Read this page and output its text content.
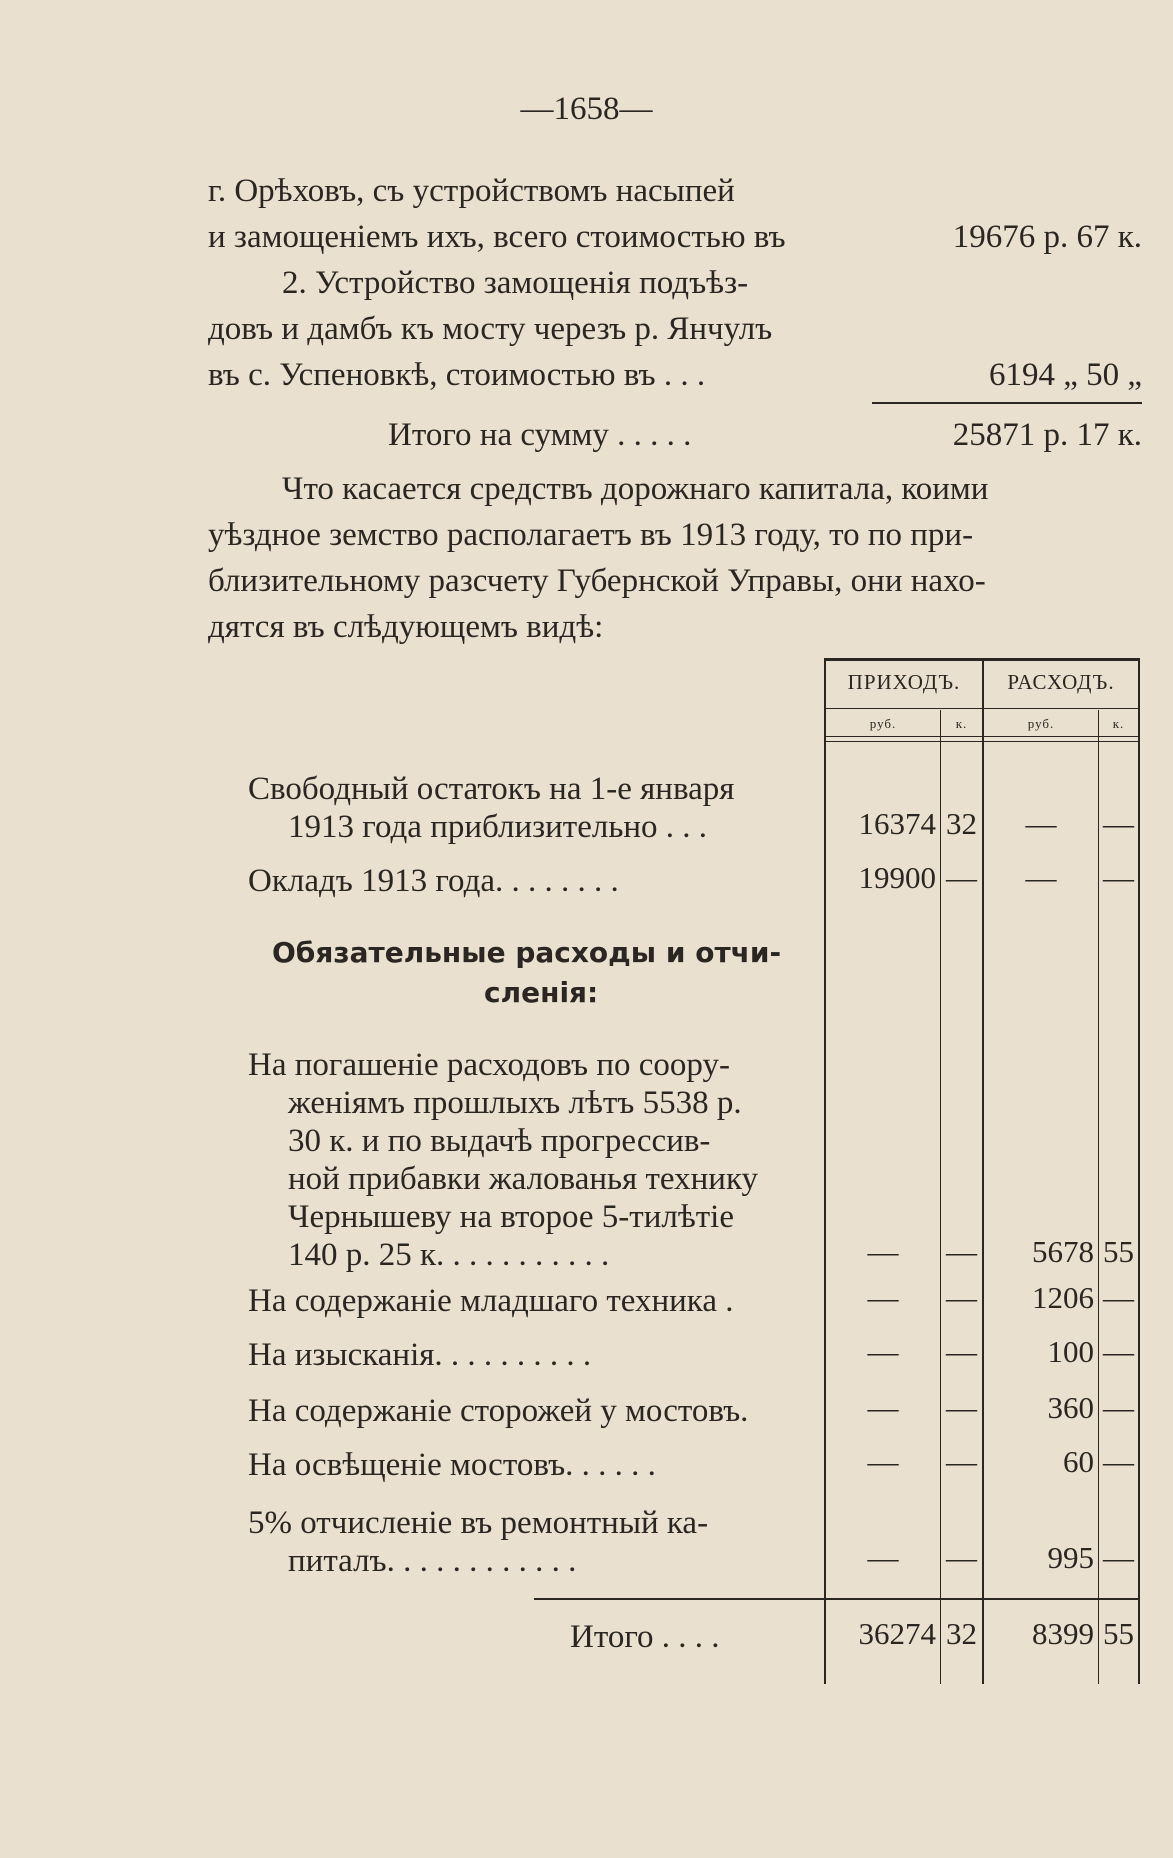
—1658—
г. Орѣховъ, съ устройствомъ насыпей
и замощеніемъ ихъ, всего стоимостью въ	19676 р. 67 к.
2. Устройство замощенія подъѣз-
довъ и дамбъ къ мосту черезъ р. Янчулъ
въ с. Успеновкѣ, стоимостью въ . . .	6194 „ 50 „
Итого на сумму . . . . .	25871 р. 17 к.
Что касается средствъ дорожнаго капитала, коими
уѣздное земство располагаетъ въ 1913 году, то по при-
близительному разсчету Губернской Управы, они нахо-
дятся въ слѣдующемъ видѣ:
ПРИХОДЪ.	РАСХОДЪ.
руб.	к.	руб.	к.
Свободный остатокъ на 1-е января
1913 года приблизительно . . .	16374 32	—	—
Окладъ 1913 года. . . . . . . .	19900 —	—	—
Обязательные расходы и отчи-
сленія:
На погашеніе расходовъ по соору-
женіямъ прошлыхъ лѣтъ 5538 р.
30 к. и по выдачѣ прогрессив-
ной прибавки жалованья технику
Чернышеву на второе 5-тилѣтіе
140 р. 25 к. . . . . . . . . . .	—	—	5678 55
На содержаніе младшаго техника .	—	—	1206 —
На изысканія. . . . . . . . . .	—	—	100 —
На содержаніе сторожей у мостовъ.	—	—	360 —
На освѣщеніе мостовъ. . . . . .	—	—	60 —
5% отчисленіе въ ремонтный ка-
питалъ. . . . . . . . . . . .	—	—	995 —
Итого . . . .	36274 32	8399 55
